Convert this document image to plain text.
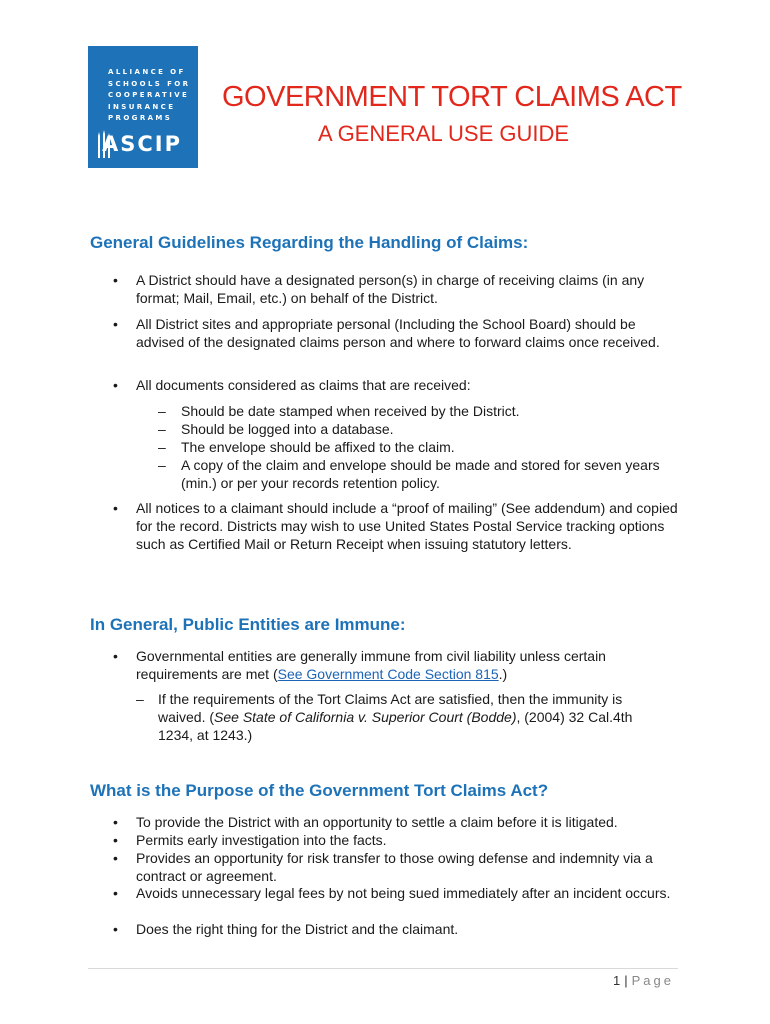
ALLIANCE OF
SCHOOLS FOR
COOPERATIVE
INSURANCE
PROGRAMS
ASCIP
GOVERNMENT TORT CLAIMS ACT
A GENERAL USE GUIDE
General Guidelines Regarding the Handling of Claims:
• A District should have a designated person(s) in charge of receiving claims (in any format; Mail, Email, etc.) on behalf of the District.
• All District sites and appropriate personal (Including the School Board) should be advised of the designated claims person and where to forward claims once received.
• All documents considered as claims that are received:
– Should be date stamped when received by the District.
– Should be logged into a database.
– The envelope should be affixed to the claim.
– A copy of the claim and envelope should be made and stored for seven years (min.) or per your records retention policy.
• All notices to a claimant should include a “proof of mailing” (See addendum) and copied for the record. Districts may wish to use United States Postal Service tracking options such as Certified Mail or Return Receipt when issuing statutory letters.
In General, Public Entities are Immune:
• Governmental entities are generally immune from civil liability unless certain requirements are met (See Government Code Section 815.)
– If the requirements of the Tort Claims Act are satisfied, then the immunity is waived. (See State of California v. Superior Court (Bodde), (2004) 32 Cal.4th 1234, at 1243.)
What is the Purpose of the Government Tort Claims Act?
• To provide the District with an opportunity to settle a claim before it is litigated.
• Permits early investigation into the facts.
• Provides an opportunity for risk transfer to those owing defense and indemnity via a contract or agreement.
• Avoids unnecessary legal fees by not being sued immediately after an incident occurs.
• Does the right thing for the District and the claimant.
1 | Page
